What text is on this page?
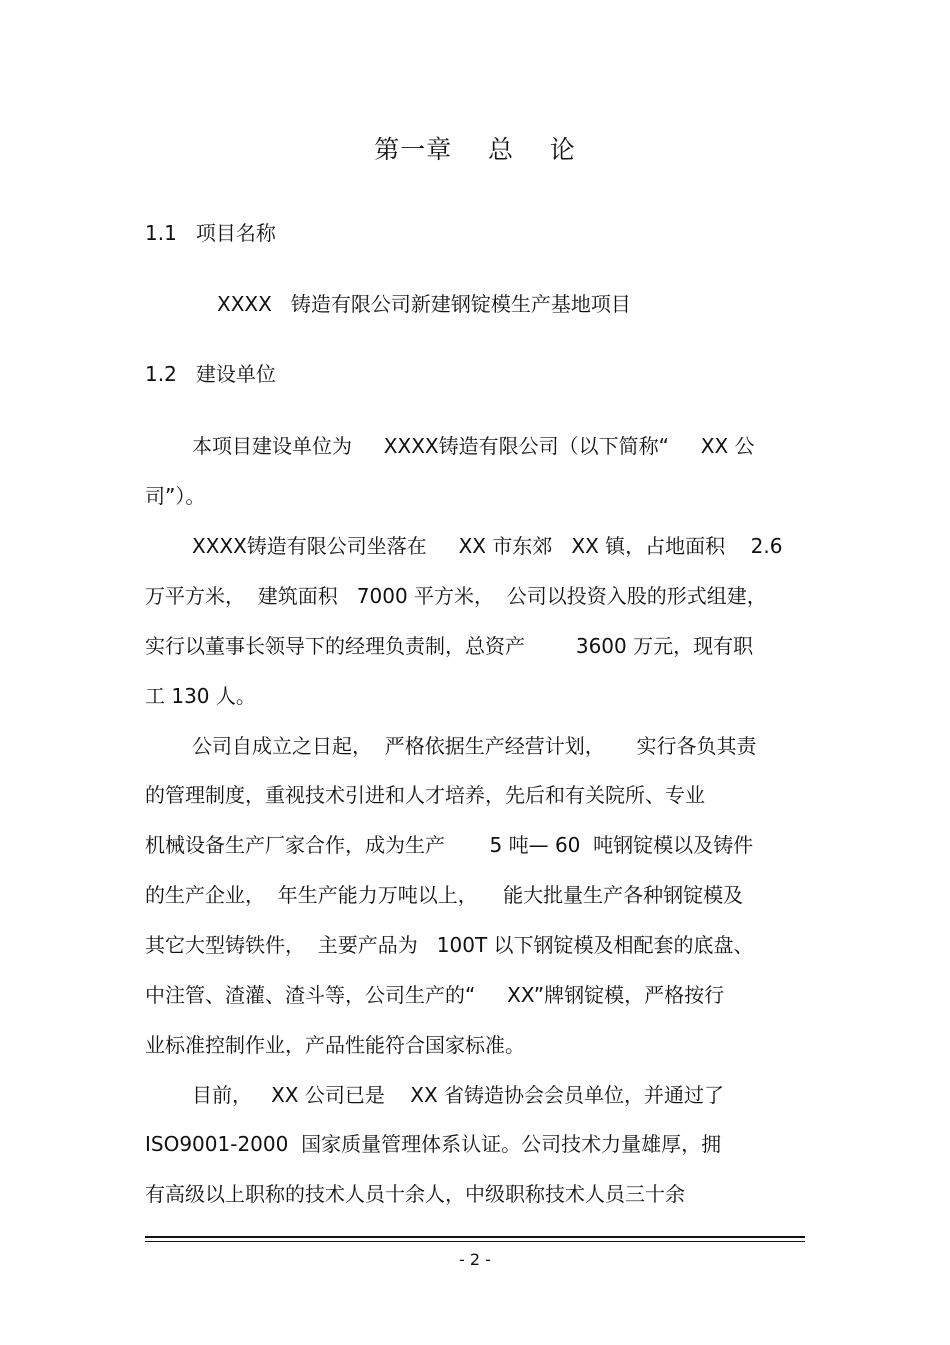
第一章    总    论
1.1   项目名称
XXXX   铸造有限公司新建钢锭模生产基地项目
1.2   建设单位
本项目建设单位为     XXXX铸造有限公司（以下简称“     XX 公
司”）。
XXXX铸造有限公司坐落在     XX 市东郊   XX 镇，占地面积    2.6
万平方米，  建筑面积   7000 平方米，  公司以投资入股的形式组建，
实行以董事长领导下的经理负责制，总资产        3600 万元，现有职
工 130 人。
公司自成立之日起，  严格依据生产经营计划，     实行各负其责
的管理制度，重视技术引进和人才培养，先后和有关院所、专业
机械设备生产厂家合作，成为生产       5 吨— 60  吨钢锭模以及铸件
的生产企业，  年生产能力万吨以上，    能大批量生产各种钢锭模及
其它大型铸铁件，  主要产品为   100T 以下钢锭模及相配套的底盘、
中注管、渣灌、渣斗等，公司生产的“     XX”牌钢锭模，严格按行
业标准控制作业，产品性能符合国家标准。
目前，   XX 公司已是    XX 省铸造协会会员单位，并通过了
ISO9001-2000  国家质量管理体系认证。公司技术力量雄厚，拥
有高级以上职称的技术人员十余人，中级职称技术人员三十余
- 2 -
